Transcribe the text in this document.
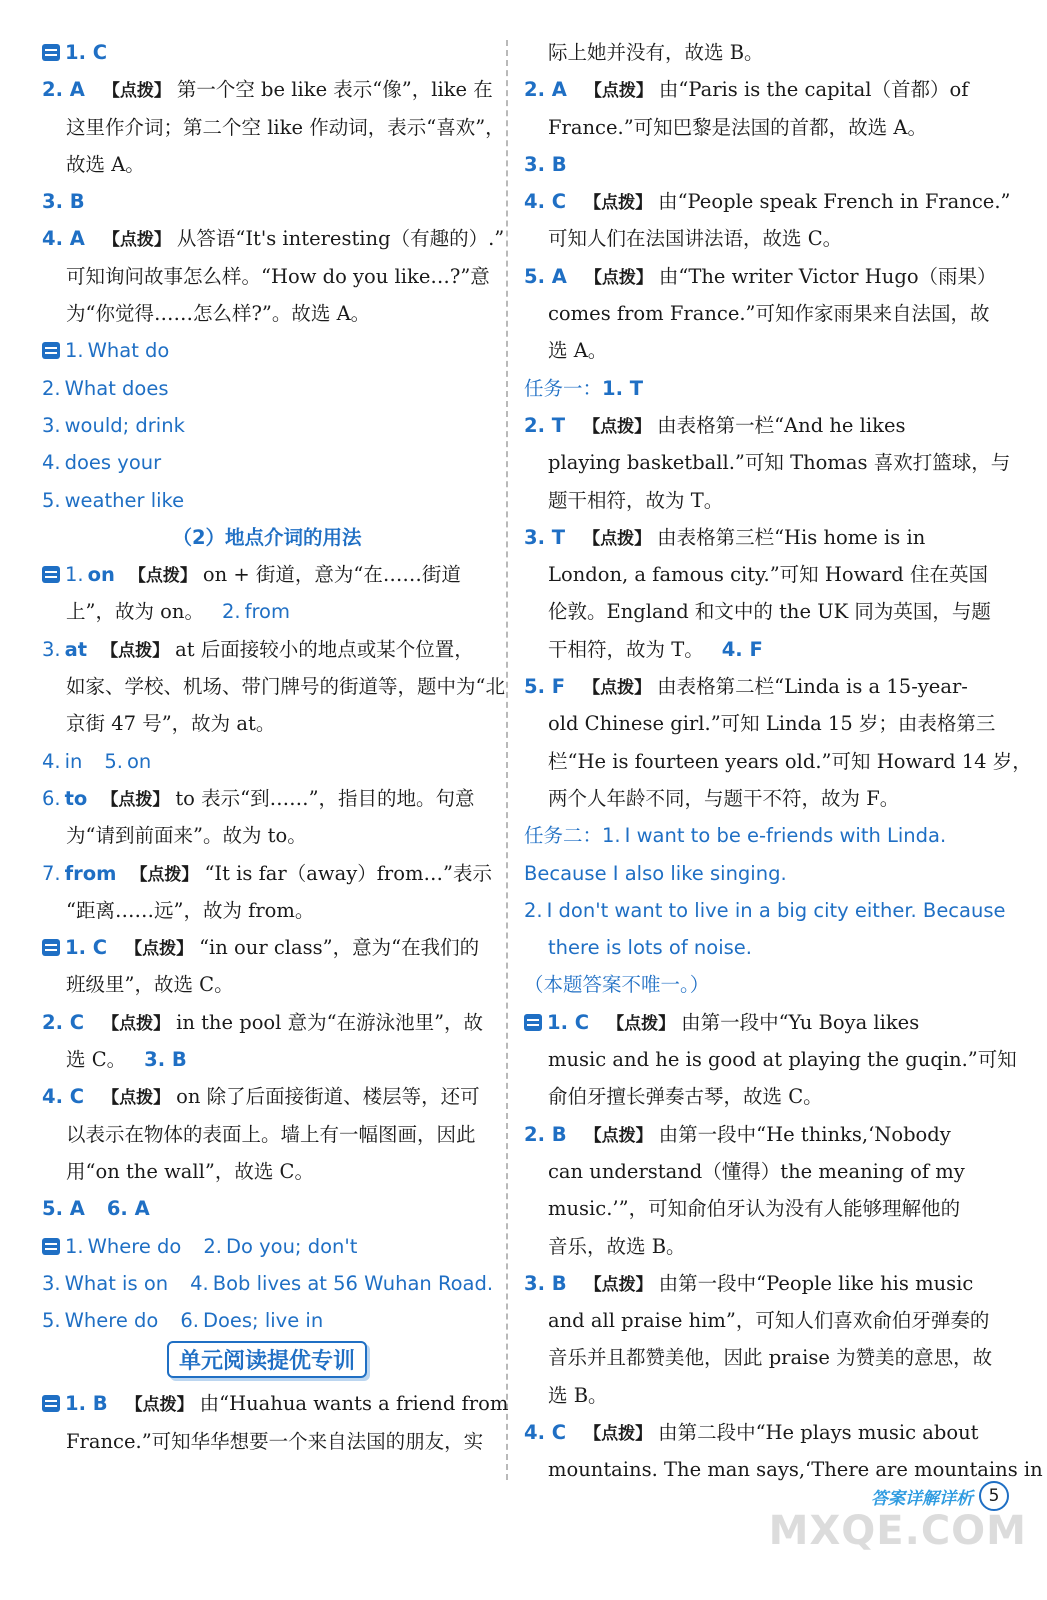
1. C
2. A 【点拨】 第一个空 be like 表示“像”，like 在
这里作介词；第二个空 like 作动词，表示“喜欢”，
故选 A。
3. B
4. A 【点拨】 从答语“It's interesting（有趣的）.”
可知询问故事怎么样。“How do you like…?”意
为“你觉得……怎么样?”。故选 A。
1. What do
2. What does
3. would; drink
4. does your
5. weather like
（2）地点介词的用法
1. on 【点拨】 on + 街道，意为“在……街道
上”，故为 on。 2. from
3. at 【点拨】 at 后面接较小的地点或某个位置，
如家、学校、机场、带门牌号的街道等，题中为“北
京街 47 号”，故为 at。
4. in 5. on
6. to 【点拨】 to 表示“到……”，指目的地。句意
为“请到前面来”。故为 to。
7. from 【点拨】 “It is far（away）from…”表示
“距离……远”，故为 from。
1. C 【点拨】 “in our class”，意为“在我们的
班级里”，故选 C。
2. C 【点拨】 in the pool 意为“在游泳池里”，故
选 C。 3. B
4. C 【点拨】 on 除了后面接街道、楼层等，还可
以表示在物体的表面上。墙上有一幅图画，因此
用“on the wall”，故选 C。
5. A 6. A
1. Where do 2. Do you; don't
3. What is on 4. Bob lives at 56 Wuhan Road.
5. Where do 6. Does; live in
单元阅读提优专训
1. B 【点拨】 由“Huahua wants a friend from
France.”可知华华想要一个来自法国的朋友，实
际上她并没有，故选 B。
2. A 【点拨】 由“Paris is the capital（首都）of
France.”可知巴黎是法国的首都，故选 A。
3. B
4. C 【点拨】 由“People speak French in France.”
可知人们在法国讲法语，故选 C。
5. A 【点拨】 由“The writer Victor Hugo（雨果）
comes from France.”可知作家雨果来自法国，故
选 A。
任务一：1. T
2. T 【点拨】 由表格第一栏“And he likes
playing basketball.”可知 Thomas 喜欢打篮球，与
题干相符，故为 T。
3. T 【点拨】 由表格第三栏“His home is in
London, a famous city.”可知 Howard 住在英国
伦敦。England 和文中的 the UK 同为英国，与题
干相符，故为 T。 4. F
5. F 【点拨】 由表格第二栏“Linda is a 15-year-
old Chinese girl.”可知 Linda 15 岁；由表格第三
栏“He is fourteen years old.”可知 Howard 14 岁，
两个人年龄不同，与题干不符，故为 F。
任务二：1. I want to be e-friends with Linda.
Because I also like singing.
2. I don't want to live in a big city either. Because
there is lots of noise.
（本题答案不唯一。）
1. C 【点拨】 由第一段中“Yu Boya likes
music and he is good at playing the guqin.”可知
俞伯牙擅长弹奏古琴，故选 C。
2. B 【点拨】 由第一段中“He thinks,‘Nobody
can understand（懂得）the meaning of my
music.’”，可知俞伯牙认为没有人能够理解他的
音乐，故选 B。
3. B 【点拨】 由第一段中“People like his music
and all praise him”，可知人们喜欢俞伯牙弹奏的
音乐并且都赞美他，因此 praise 为赞美的意思，故
选 B。
4. C 【点拨】 由第二段中“He plays music about
mountains. The man says,‘There are mountains in
答案详解详析 5
MXQE.COM
